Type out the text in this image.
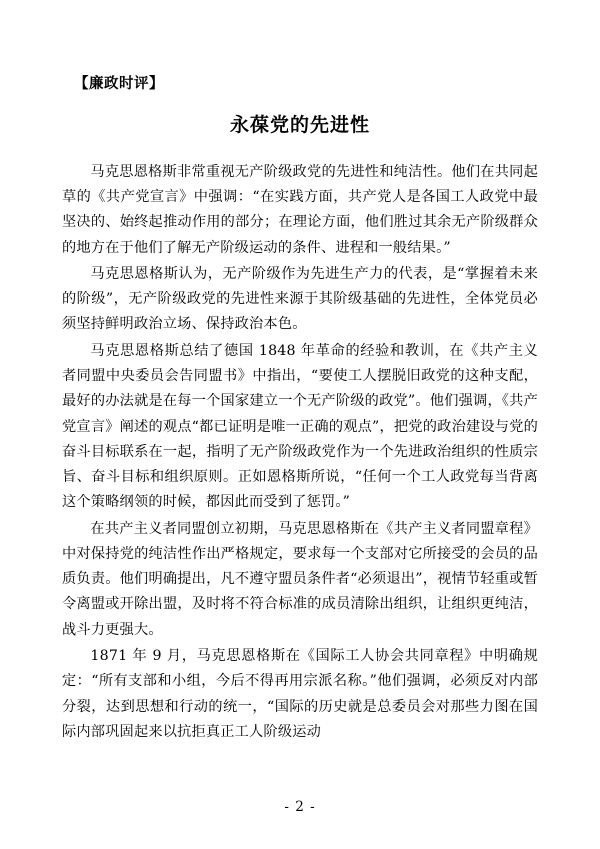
【廉政时评】
永葆党的先进性

马克思恩格斯非常重视无产阶级政党的先进性和纯洁性。他们在共同起草的《共产党宣言》中强调：“在实践方面，共产党人是各国工人政党中最坚决的、始终起推动作用的部分；在理论方面，他们胜过其余无产阶级群众的地方在于他们了解无产阶级运动的条件、进程和一般结果。”

马克思恩格斯认为，无产阶级作为先进生产力的代表，是“掌握着未来的阶级”，无产阶级政党的先进性来源于其阶级基础的先进性，全体党员必须坚持鲜明政治立场、保持政治本色。

马克思恩格斯总结了德国 1848 年革命的经验和教训，在《共产主义者同盟中央委员会告同盟书》中指出，“要使工人摆脱旧政党的这种支配，最好的办法就是在每一个国家建立一个无产阶级的政党”。他们强调，《共产党宣言》阐述的观点“都已证明是唯一正确的观点”，把党的政治建设与党的奋斗目标联系在一起，指明了无产阶级政党作为一个先进政治组织的性质宗旨、奋斗目标和组织原则。正如恩格斯所说，“任何一个工人政党每当背离这个策略纲领的时候，都因此而受到了惩罚。”

在共产主义者同盟创立初期，马克思恩格斯在《共产主义者同盟章程》中对保持党的纯洁性作出严格规定，要求每一个支部对它所接受的会员的品质负责。他们明确提出，凡不遵守盟员条件者“必须退出”，视情节轻重或暂令离盟或开除出盟，及时将不符合标准的成员清除出组织，让组织更纯洁，战斗力更强大。

1871 年 9 月，马克思恩格斯在《国际工人协会共同章程》中明确规定：“所有支部和小组，今后不得再用宗派名称。”他们强调，必须反对内部分裂，达到思想和行动的统一，“国际的历史就是总委员会对那些力图在国际内部巩固起来以抗拒真正工人阶级运动

- 2 -
